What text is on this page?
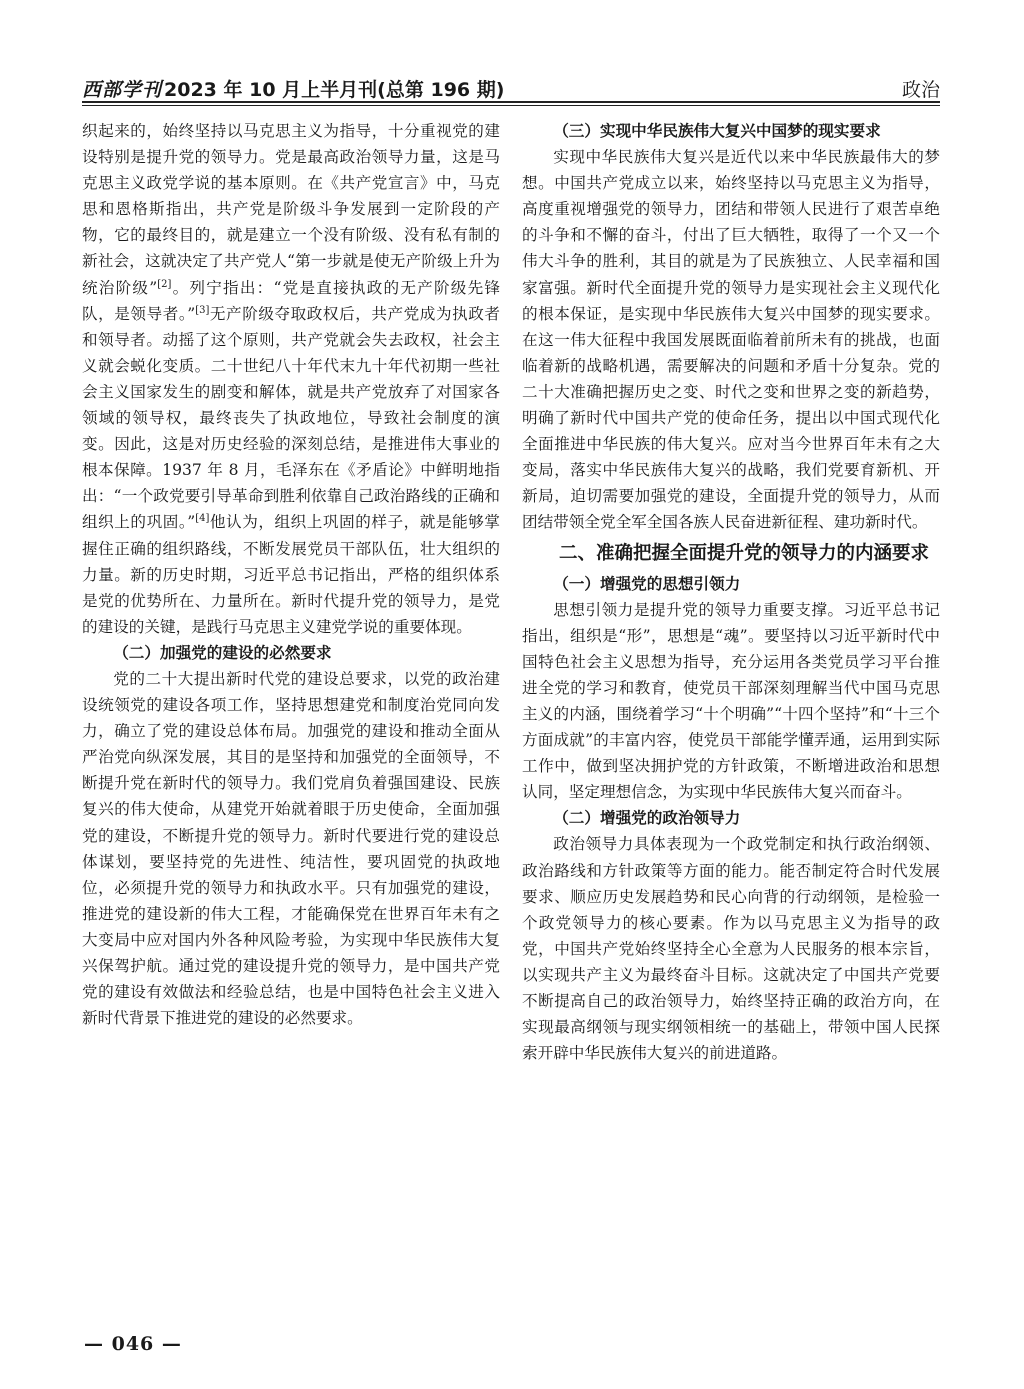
西部学刊 2023 年 10 月上半月刊(总第 196 期)	政治

织起来的，始终坚持以马克思主义为指导，十分重视党的建设特别是提升党的领导力。党是最高政治领导力量，这是马克思主义政党学说的基本原则。在《共产党宣言》中，马克思和恩格斯指出，共产党是阶级斗争发展到一定阶段的产物，它的最终目的，就是建立一个没有阶级、没有私有制的新社会，这就决定了共产党人“第一步就是使无产阶级上升为统治阶级”[2]。列宁指出：“党是直接执政的无产阶级先锋队，是领导者。”[3]无产阶级夺取政权后，共产党成为执政者和领导者。动摇了这个原则，共产党就会失去政权，社会主义就会蜕化变质。二十世纪八十年代末九十年代初期一些社会主义国家发生的剧变和解体，就是共产党放弃了对国家各领域的领导权，最终丧失了执政地位，导致社会制度的演变。因此，这是对历史经验的深刻总结，是推进伟大事业的根本保障。1937 年 8 月，毛泽东在《矛盾论》中鲜明地指出：“一个政党要引导革命到胜利依靠自己政治路线的正确和组织上的巩固。”[4]他认为，组织上巩固的样子，就是能够掌握住正确的组织路线，不断发展党员干部队伍，壮大组织的力量。新的历史时期，习近平总书记指出，严格的组织体系是党的优势所在、力量所在。新时代提升党的领导力，是党的建设的关键，是践行马克思主义建党学说的重要体现。

（二）加强党的建设的必然要求

党的二十大提出新时代党的建设总要求，以党的政治建设统领党的建设各项工作，坚持思想建党和制度治党同向发力，确立了党的建设总体布局。加强党的建设和推动全面从严治党向纵深发展，其目的是坚持和加强党的全面领导，不断提升党在新时代的领导力。我们党肩负着强国建设、民族复兴的伟大使命，从建党开始就着眼于历史使命，全面加强党的建设，不断提升党的领导力。新时代要进行党的建设总体谋划，要坚持党的先进性、纯洁性，要巩固党的执政地位，必须提升党的领导力和执政水平。只有加强党的建设，推进党的建设新的伟大工程，才能确保党在世界百年未有之大变局中应对国内外各种风险考验，为实现中华民族伟大复兴保驾护航。通过党的建设提升党的领导力，是中国共产党党的建设有效做法和经验总结，也是中国特色社会主义进入新时代背景下推进党的建设的必然要求。

（三）实现中华民族伟大复兴中国梦的现实要求

实现中华民族伟大复兴是近代以来中华民族最伟大的梦想。中国共产党成立以来，始终坚持以马克思主义为指导，高度重视增强党的领导力，团结和带领人民进行了艰苦卓绝的斗争和不懈的奋斗，付出了巨大牺牲，取得了一个又一个伟大斗争的胜利，其目的就是为了民族独立、人民幸福和国家富强。新时代全面提升党的领导力是实现社会主义现代化的根本保证，是实现中华民族伟大复兴中国梦的现实要求。在这一伟大征程中我国发展既面临着前所未有的挑战，也面临着新的战略机遇，需要解决的问题和矛盾十分复杂。党的二十大准确把握历史之变、时代之变和世界之变的新趋势，明确了新时代中国共产党的使命任务，提出以中国式现代化全面推进中华民族的伟大复兴。应对当今世界百年未有之大变局，落实中华民族伟大复兴的战略，我们党要育新机、开新局，迫切需要加强党的建设，全面提升党的领导力，从而团结带领全党全军全国各族人民奋进新征程、建功新时代。

二、准确把握全面提升党的领导力的内涵要求
（一）增强党的思想引领力

思想引领力是提升党的领导力重要支撑。习近平总书记指出，组织是“形”，思想是“魂”。要坚持以习近平新时代中国特色社会主义思想为指导，充分运用各类党员学习平台推进全党的学习和教育，使党员干部深刻理解当代中国马克思主义的内涵，围绕着学习“十个明确”“十四个坚持”和“十三个方面成就”的丰富内容，使党员干部能学懂弄通，运用到实际工作中，做到坚决拥护党的方针政策，不断增进政治和思想认同，坚定理想信念，为实现中华民族伟大复兴而奋斗。

（二）增强党的政治领导力

政治领导力具体表现为一个政党制定和执行政治纲领、政治路线和方针政策等方面的能力。能否制定符合时代发展要求、顺应历史发展趋势和民心向背的行动纲领，是检验一个政党领导力的核心要素。作为以马克思主义为指导的政党，中国共产党始终坚持全心全意为人民服务的根本宗旨，以实现共产主义为最终奋斗目标。这就决定了中国共产党要不断提高自己的政治领导力，始终坚持正确的政治方向，在实现最高纲领与现实纲领相统一的基础上，带领中国人民探索开辟中华民族伟大复兴的前进道路。

— 046 —
